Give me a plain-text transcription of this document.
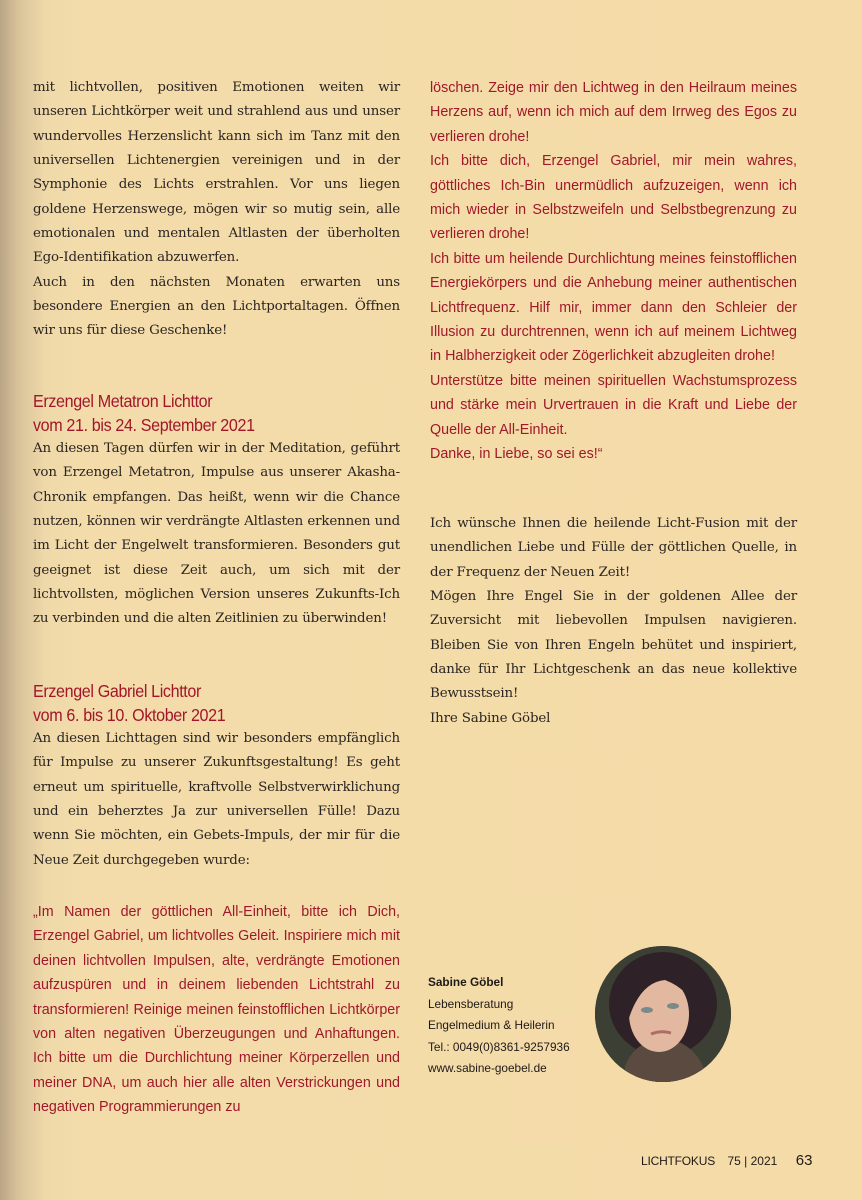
mit lichtvollen, positiven Emotionen weiten wir unseren Lichtkörper weit und strahlend aus und unser wundervolles Herzenslicht kann sich im Tanz mit den universellen Lichtenergien vereinigen und in der Symphonie des Lichts erstrahlen. Vor uns liegen goldene Herzenswege, mögen wir so mutig sein, alle emotionalen und mentalen Altlasten der überholten Ego-Identifikation abzuwerfen.

Auch in den nächsten Monaten erwarten uns besondere Energien an den Lichtportaltagen. Öffnen wir uns für diese Geschenke!

Erzengel Metatron Lichttor
vom 21. bis 24. September 2021

An diesen Tagen dürfen wir in der Meditation, geführt von Erzengel Metatron, Impulse aus unserer Akasha-Chronik empfangen. Das heißt, wenn wir die Chance nutzen, können wir verdrängte Altlasten erkennen und im Licht der Engelwelt transformieren. Besonders gut geeignet ist diese Zeit auch, um sich mit der lichtvollsten, möglichen Version unseres Zukunfts-Ich zu verbinden und die alten Zeitlinien zu überwinden!

Erzengel Gabriel Lichttor
vom 6. bis 10. Oktober 2021

An diesen Lichttagen sind wir besonders empfänglich für Impulse zu unserer Zukunftsgestaltung! Es geht erneut um spirituelle, kraftvolle Selbstverwirklichung und ein beherztes Ja zur universellen Fülle! Dazu wenn Sie möchten, ein Gebets-Impuls, der mir für die Neue Zeit durchgegeben wurde:

„Im Namen der göttlichen All-Einheit, bitte ich Dich, Erzengel Gabriel, um lichtvolles Geleit. Inspiriere mich mit deinen lichtvollen Impulsen, alte, verdrängte Emotionen aufzuspüren und in deinem liebenden Lichtstrahl zu transformieren! Reinige meinen feinstofflichen Lichtkörper von alten negativen Überzeugungen und Anhaftungen. Ich bitte um die Durchlichtung meiner Körperzellen und meiner DNA, um auch hier alle alten Verstrickungen und negativen Programmierungen zu

löschen. Zeige mir den Lichtweg in den Heilraum meines Herzens auf, wenn ich mich auf dem Irrweg des Egos zu verlieren drohe!

Ich bitte dich, Erzengel Gabriel, mir mein wahres, göttliches Ich-Bin unermüdlich aufzuzeigen, wenn ich mich wieder in Selbstzweifeln und Selbstbegrenzung zu verlieren drohe!

Ich bitte um heilende Durchlichtung meines feinstofflichen Energiekörpers und die Anhebung meiner authentischen Lichtfrequenz. Hilf mir, immer dann den Schleier der Illusion zu durchtrennen, wenn ich auf meinem Lichtweg in Halbherzigkeit oder Zögerlichkeit abzugleiten drohe!

Unterstütze bitte meinen spirituellen Wachstumsprozess und stärke mein Urvertrauen in die Kraft und Liebe der Quelle der All-Einheit.

Danke, in Liebe, so sei es!“

Ich wünsche Ihnen die heilende Licht-Fusion mit der unendlichen Liebe und Fülle der göttlichen Quelle, in der Frequenz der Neuen Zeit!

Mögen Ihre Engel Sie in der goldenen Allee der Zuversicht mit liebevollen Impulsen navigieren. Bleiben Sie von Ihren Engeln behütet und inspiriert, danke für Ihr Lichtgeschenk an das neue kollektive Bewusstsein!

Ihre Sabine Göbel

Sabine Göbel
Lebensberatung
Engelmedium & Heilerin
Tel.: 0049(0)8361-9257936
www.sabine-goebel.de
LICHTFOKUS 75 | 2021 63
